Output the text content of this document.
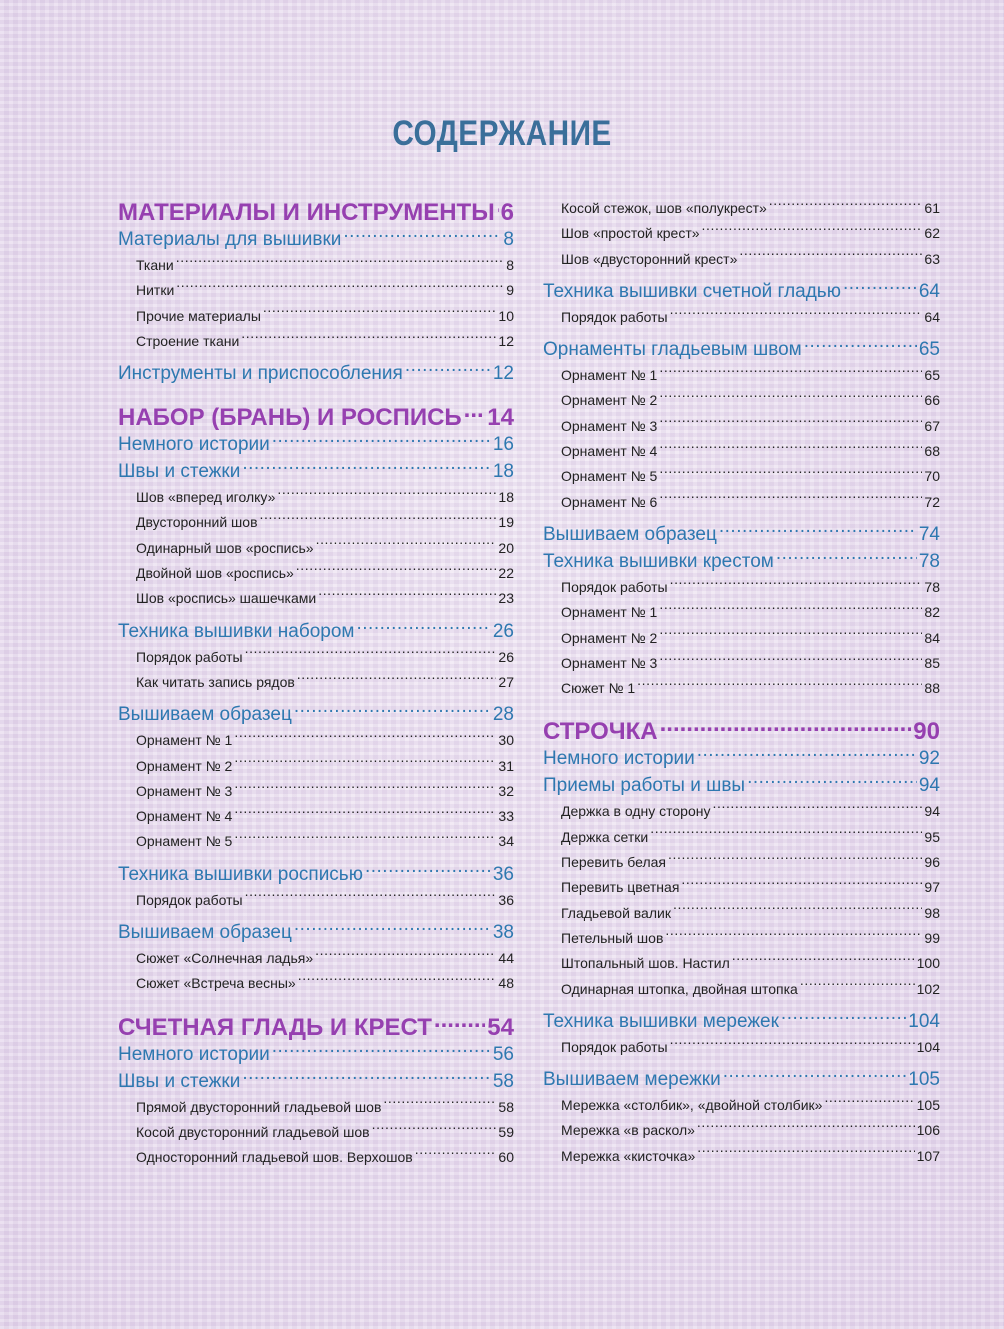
СОДЕРЖАНИЕ
МАТЕРИАЛЫ И ИНСТРУМЕНТЫ ..... 6
Материалы для вышивки .....	8
Ткани .....	8
Нитки .....	9
Прочие материалы .....	10
Строение ткани .....	12
Инструменты и приспособления .....	12
НАБОР (БРАНЬ) И РОСПИСЬ ..... 14
Немного истории .....	16
Швы и стежки .....	18
Шов «вперед иголку» .....	18
Двусторонний шов .....	19
Одинарный шов «роспись» .....	20
Двойной шов «роспись» .....	22
Шов «роспись» шашечками .....	23
Техника вышивки набором .....	26
Порядок работы .....	26
Как читать запись рядов .....	27
Вышиваем образец .....	28
Орнамент № 1 .....	30
Орнамент № 2 .....	31
Орнамент № 3 .....	32
Орнамент № 4 .....	33
Орнамент № 5 .....	34
Техника вышивки росписью .....	36
Порядок работы .....	36
Вышиваем образец .....	38
Сюжет «Солнечная ладья» .....	44
Сюжет «Встреча весны» .....	48
СЧЕТНАЯ ГЛАДЬ И КРЕСТ ..... 54
Немного истории .....	56
Швы и стежки .....	58
Прямой двусторонний гладьевой шов .....	58
Косой двусторонний гладьевой шов .....	59
Односторонний гладьевой шов. Верхошов .....	60
Косой стежок, шов «полукрест» .....	61
Шов «простой крест» .....	62
Шов «двусторонний крест» .....	63
Техника вышивки счетной гладью .....	64
Порядок работы .....	64
Орнаменты гладьевым швом .....	65
Орнамент № 1 .....	65
Орнамент № 2 .....	66
Орнамент № 3 .....	67
Орнамент № 4 .....	68
Орнамент № 5 .....	70
Орнамент № 6 .....	72
Вышиваем образец .....	74
Техника вышивки крестом .....	78
Порядок работы .....	78
Орнамент № 1 .....	82
Орнамент № 2 .....	84
Орнамент № 3 .....	85
Сюжет № 1 .....	88
СТРОЧКА .....	90
Немного истории .....	92
Приемы работы и швы .....	94
Держка в одну сторону .....	94
Держка сетки .....	95
Перевить белая .....	96
Перевить цветная .....	97
Гладьевой валик .....	98
Петельный шов .....	99
Штопальный шов. Настил .....	100
Одинарная штопка, двойная штопка .....	102
Техника вышивки мережек .....	104
Порядок работы .....	104
Вышиваем мережки .....	105
Мережка «столбик», «двойной столбик» .....	105
Мережка «в раскол» .....	106
Мережка «кисточка» .....	107
